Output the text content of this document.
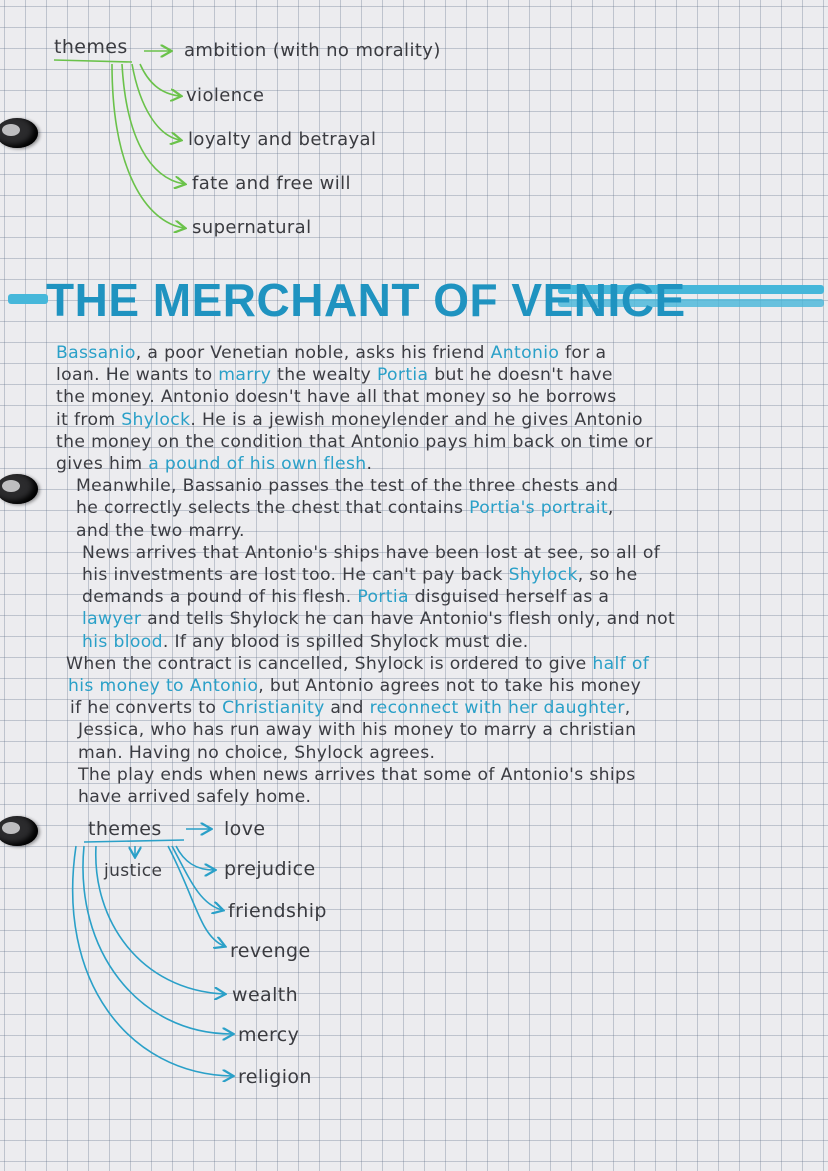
themes	ambition (with no morality)
violence
loyalty and betrayal
fate and free will
supernatural
THE MERCHANT OF VENICE
Bassanio, a poor Venetian noble, asks his friend Antonio for a
loan. He wants to marry the wealty Portia but he doesn't have
the money. Antonio doesn't have all that money so he borrows
it from Shylock. He is a jewish moneylender and he gives Antonio
the money on the condition that Antonio pays him back on time or
gives him a pound of his own flesh.
Meanwhile, Bassanio passes the test of the three chests and
he correctly selects the chest that contains Portia's portrait,
and the two marry.
News arrives that Antonio's ships have been lost at see, so all of
his investments are lost too. He can't pay back Shylock, so he
demands a pound of his flesh. Portia disguised herself as a
lawyer and tells Shylock he can have Antonio's flesh only, and not
his blood. If any blood is spilled Shylock must die.
When the contract is cancelled, Shylock is ordered to give half of
his money to Antonio, but Antonio agrees not to take his money
if he converts to Christianity and reconnect with her daughter,
Jessica, who has run away with his money to marry a christian
man. Having no choice, Shylock agrees.
The play ends when news arrives that some of Antonio's ships
have arrived safely home.
themes	love
justice	prejudice
friendship
revenge
wealth
mercy
religion
